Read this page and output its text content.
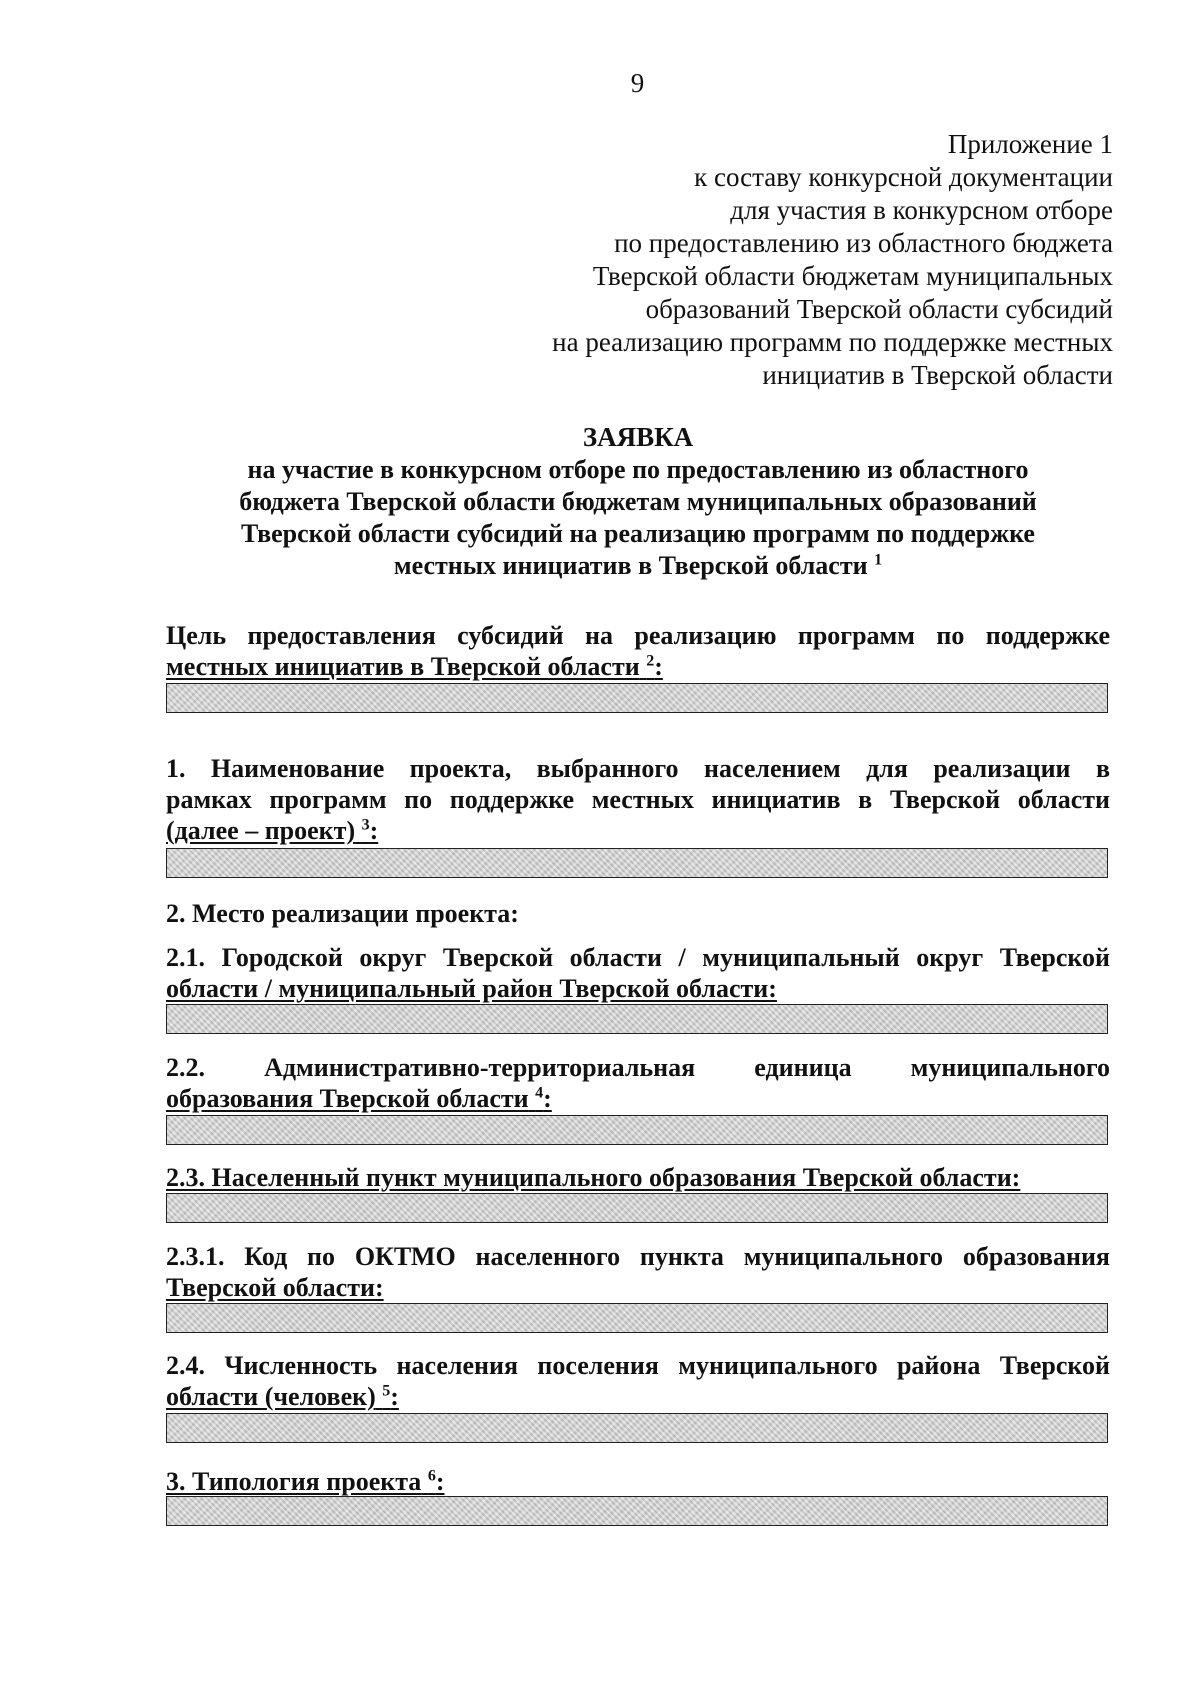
9
Приложение 1
к составу конкурсной документации
для участия в конкурсном отборе
по предоставлению из областного бюджета
Тверской области бюджетам муниципальных
образований Тверской области субсидий
на реализацию программ по поддержке местных
инициатив в Тверской области
ЗАЯВКА
на участие в конкурсном отборе по предоставлению из областного
бюджета Тверской области бюджетам муниципальных образований
Тверской области субсидий на реализацию программ по поддержке
местных инициатив в Тверской области $^1$
Цель предоставления субсидий на реализацию программ по поддержке
местных инициатив в Тверской области $^2$:
1. Наименование проекта, выбранного населением для реализации в
рамках программ по поддержке местных инициатив в Тверской области
(далее – проект) $^3$:
2. Место реализации проекта:
2.1. Городской округ Тверской области / муниципальный округ Тверской
области / муниципальный район Тверской области:
2.2. Административно-территориальная единица муниципального
образования Тверской области $^4$:
2.3. Населенный пункт муниципального образования Тверской области:
2.3.1. Код по ОКТМО населенного пункта муниципального образования
Тверской области:
2.4. Численность населения поселения муниципального района Тверской
области (человек) $^5$:
3. Типология проекта $^6$:
